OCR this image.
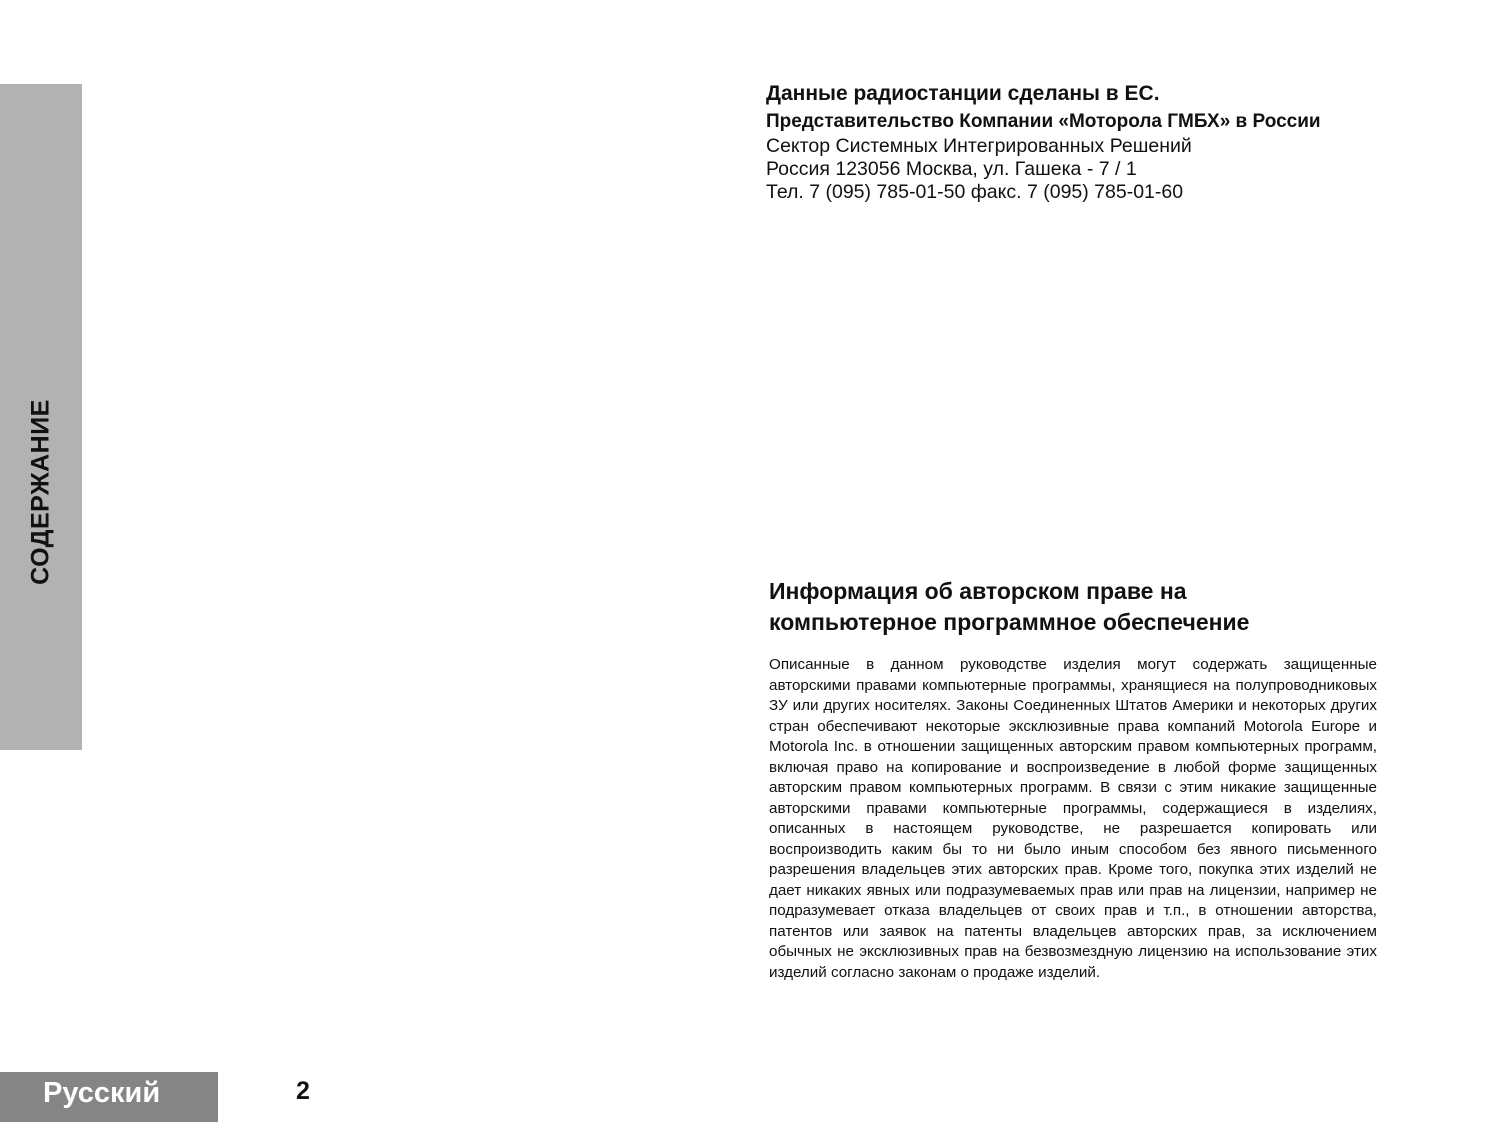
СОДЕРЖАНИЕ
Данные радиостанции сделаны в ЕС.
Представительство Компании «Моторола ГМБХ» в России
Сектор Системных Интегрированных Решений
Россия 123056 Москва, ул. Гашека - 7 / 1
Тел. 7 (095) 785-01-50 факс. 7 (095) 785-01-60
Информация об авторском праве на
компьютерное программное обеспечение

Описанные в данном руководстве изделия могут содержать защищенные авторскими правами компьютерные программы, хранящиеся на полупроводниковых ЗУ или других носителях. Законы Соединенных Штатов Америки и некоторых других стран обеспечивают некоторые эксклюзивные права компаний Motorola Europe и Motorola Inc. в отношении защищенных авторским правом компьютерных программ, включая право на копирование и воспроизведение в любой форме защищенных авторским правом компьютерных программ. В связи с этим никакие защищенные авторскими правами компьютерные программы, содержащиеся в изделиях, описанных в настоящем руководстве, не разрешается копировать или воспроизводить каким бы то ни было иным способом без явного письменного разрешения владельцев этих авторских прав. Кроме того, покупка этих изделий не дает никаких явных или подразумеваемых прав или прав на лицензии, например не подразумевает отказа владельцев от своих прав и т.п., в отношении авторства, патентов или заявок на патенты владельцев авторских прав, за исключением обычных не эксклюзивных прав на безвозмездную лицензию на использование этих изделий согласно законам о продаже изделий.

Русский	2
